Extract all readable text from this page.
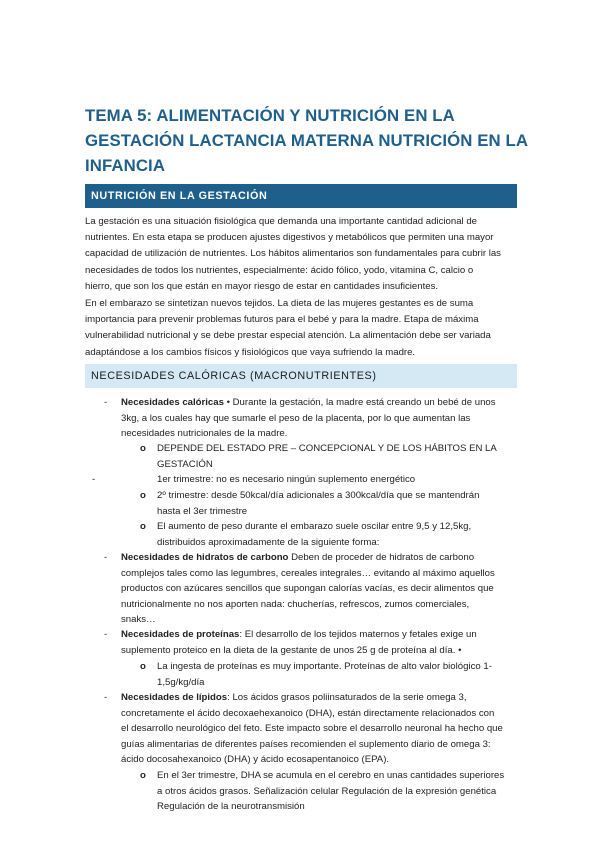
TEMA 5: ALIMENTACIÓN Y NUTRICIÓN EN LA
GESTACIÓN LACTANCIA MATERNA NUTRICIÓN EN LA
INFANCIA
NUTRICIÓN EN LA GESTACIÓN
La gestación es una situación fisiológica que demanda una importante cantidad adicional de
nutrientes. En esta etapa se producen ajustes digestivos y metabólicos que permiten una mayor
capacidad de utilización de nutrientes. Los hábitos alimentarios son fundamentales para cubrir las
necesidades de todos los nutrientes, especialmente: ácido fólico, yodo, vitamina C, calcio o
hierro, que son los que están en mayor riesgo de estar en cantidades insuficientes.
En el embarazo se sintetizan nuevos tejidos. La dieta de las mujeres gestantes es de suma
importancia para prevenir problemas futuros para el bebé y para la madre. Etapa de máxima
vulnerabilidad nutricional y se debe prestar especial atención. La alimentación debe ser variada
adaptándose a los cambios físicos y fisiológicos que vaya sufriendo la madre.
NECESIDADES CALÓRICAS (MACRONUTRIENTES)
- Necesidades calóricas • Durante la gestación, la madre está creando un bebé de unos
3kg, a los cuales hay que sumarle el peso de la placenta, por lo que aumentan las
necesidades nutricionales de la madre.
o DEPENDE DEL ESTADO PRE – CONCEPCIONAL Y DE LOS HÁBITOS EN LA
GESTACIÓN
-	1er trimestre: no es necesario ningún suplemento energético
o 2º trimestre: desde 50kcal/día adicionales a 300kcal/día que se mantendrán
hasta el 3er trimestre
o El aumento de peso durante el embarazo suele oscilar entre 9,5 y 12,5kg,
distribuidos aproximadamente de la siguiente forma:
- Necesidades de hidratos de carbono Deben de proceder de hidratos de carbono
complejos tales como las legumbres, cereales integrales… evitando al máximo aquellos
productos con azúcares sencillos que supongan calorías vacías, es decir alimentos que
nutricionalmente no nos aporten nada: chucherías, refrescos, zumos comerciales,
snaks…
- Necesidades de proteínas: El desarrollo de los tejidos maternos y fetales exige un
suplemento proteico en la dieta de la gestante de unos 25 g de proteína al día. •
o La ingesta de proteínas es muy importante. Proteínas de alto valor biológico 1-
1,5g/kg/día
- Necesidades de lípidos: Los ácidos grasos poliinsaturados de la serie omega 3,
concretamente el ácido decoxaehexanoico (DHA), están directamente relacionados con
el desarrollo neurológico del feto. Este impacto sobre el desarrollo neuronal ha hecho que
guías alimentarias de diferentes países recomienden el suplemento diario de omega 3:
ácido docosahexanoico (DHA) y ácido ecosapentanoico (EPA).
o En el 3er trimestre, DHA se acumula en el cerebro en unas cantidades superiores
a otros ácidos grasos. Señalización celular Regulación de la expresión genética
Regulación de la neurotransmisión
